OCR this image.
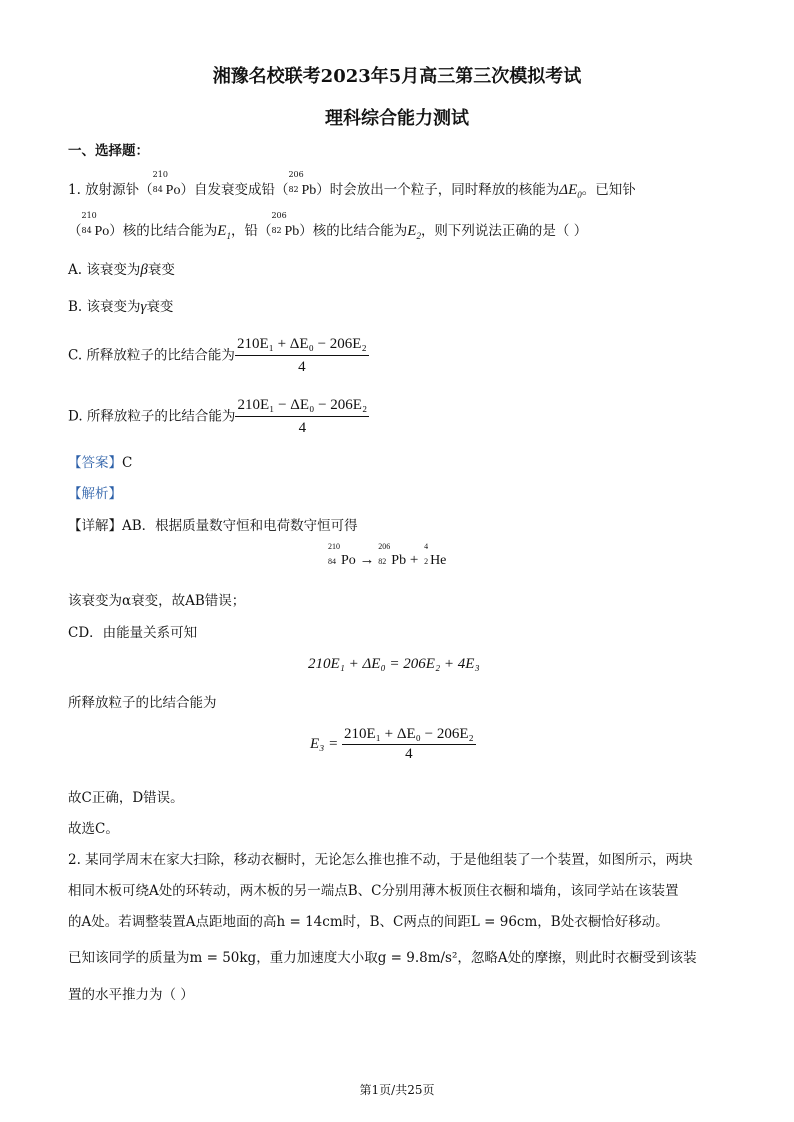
湘豫名校联考2023年5月高三第三次模拟考试
理科综合能力测试
一、选择题：
1. 放射源钋（
210
84 Po）自发衰变成铅（
206
82 Pb）时会放出一个粒子，同时释放的核能为$\Delta E_0$。已知钋
（
210
84 Po）核的比结合能为$E_1$，铅（
206
82 Pb）核的比结合能为$E_2$，则下列说法正确的是（ ）
A. 该衰变为β衰变
B. 该衰变为γ衰变
C. 所释放粒子的比结合能为 $\frac{\text{210E₁ + ΔE₀ − 206E₂}}{4}$
D. 所释放粒子的比结合能为 $\frac{\text{210E₁ − ΔE₀ − 206E₂}}{4}$
【答案】C
【解析】
【详解】AB．根据质量数守恒和电荷数守恒可得
210
84 Po →
206
82 Pb +
4
2 He
该衰变为α衰变，故AB错误；
CD．由能量关系可知
210E₁ + ΔE₀ = 206E₂ + 4E₃
所释放粒子的比结合能为
$E_3 = \frac{\text{210E₁ + ΔE₀ − 206E₂}}{4}$
故C正确，D错误。
故选C。
2. 某同学周末在家大扫除，移动衣橱时，无论怎么推也推不动，于是他组装了一个装置，如图所示，两块
相同木板可绕A处的环转动，两木板的另一端点B、C分别用薄木板顶住衣橱和墙角，该同学站在该装置
的A处。若调整装置A点距地面的高h = 14cm时，B、C两点的间距L = 96cm，B处衣橱恰好移动。
已知该同学的质量为m = 50kg，重力加速度大小取g = 9.8m/s²，忽略A处的摩擦，则此时衣橱受到该装
置的水平推力为（ ）
第1页/共25页
